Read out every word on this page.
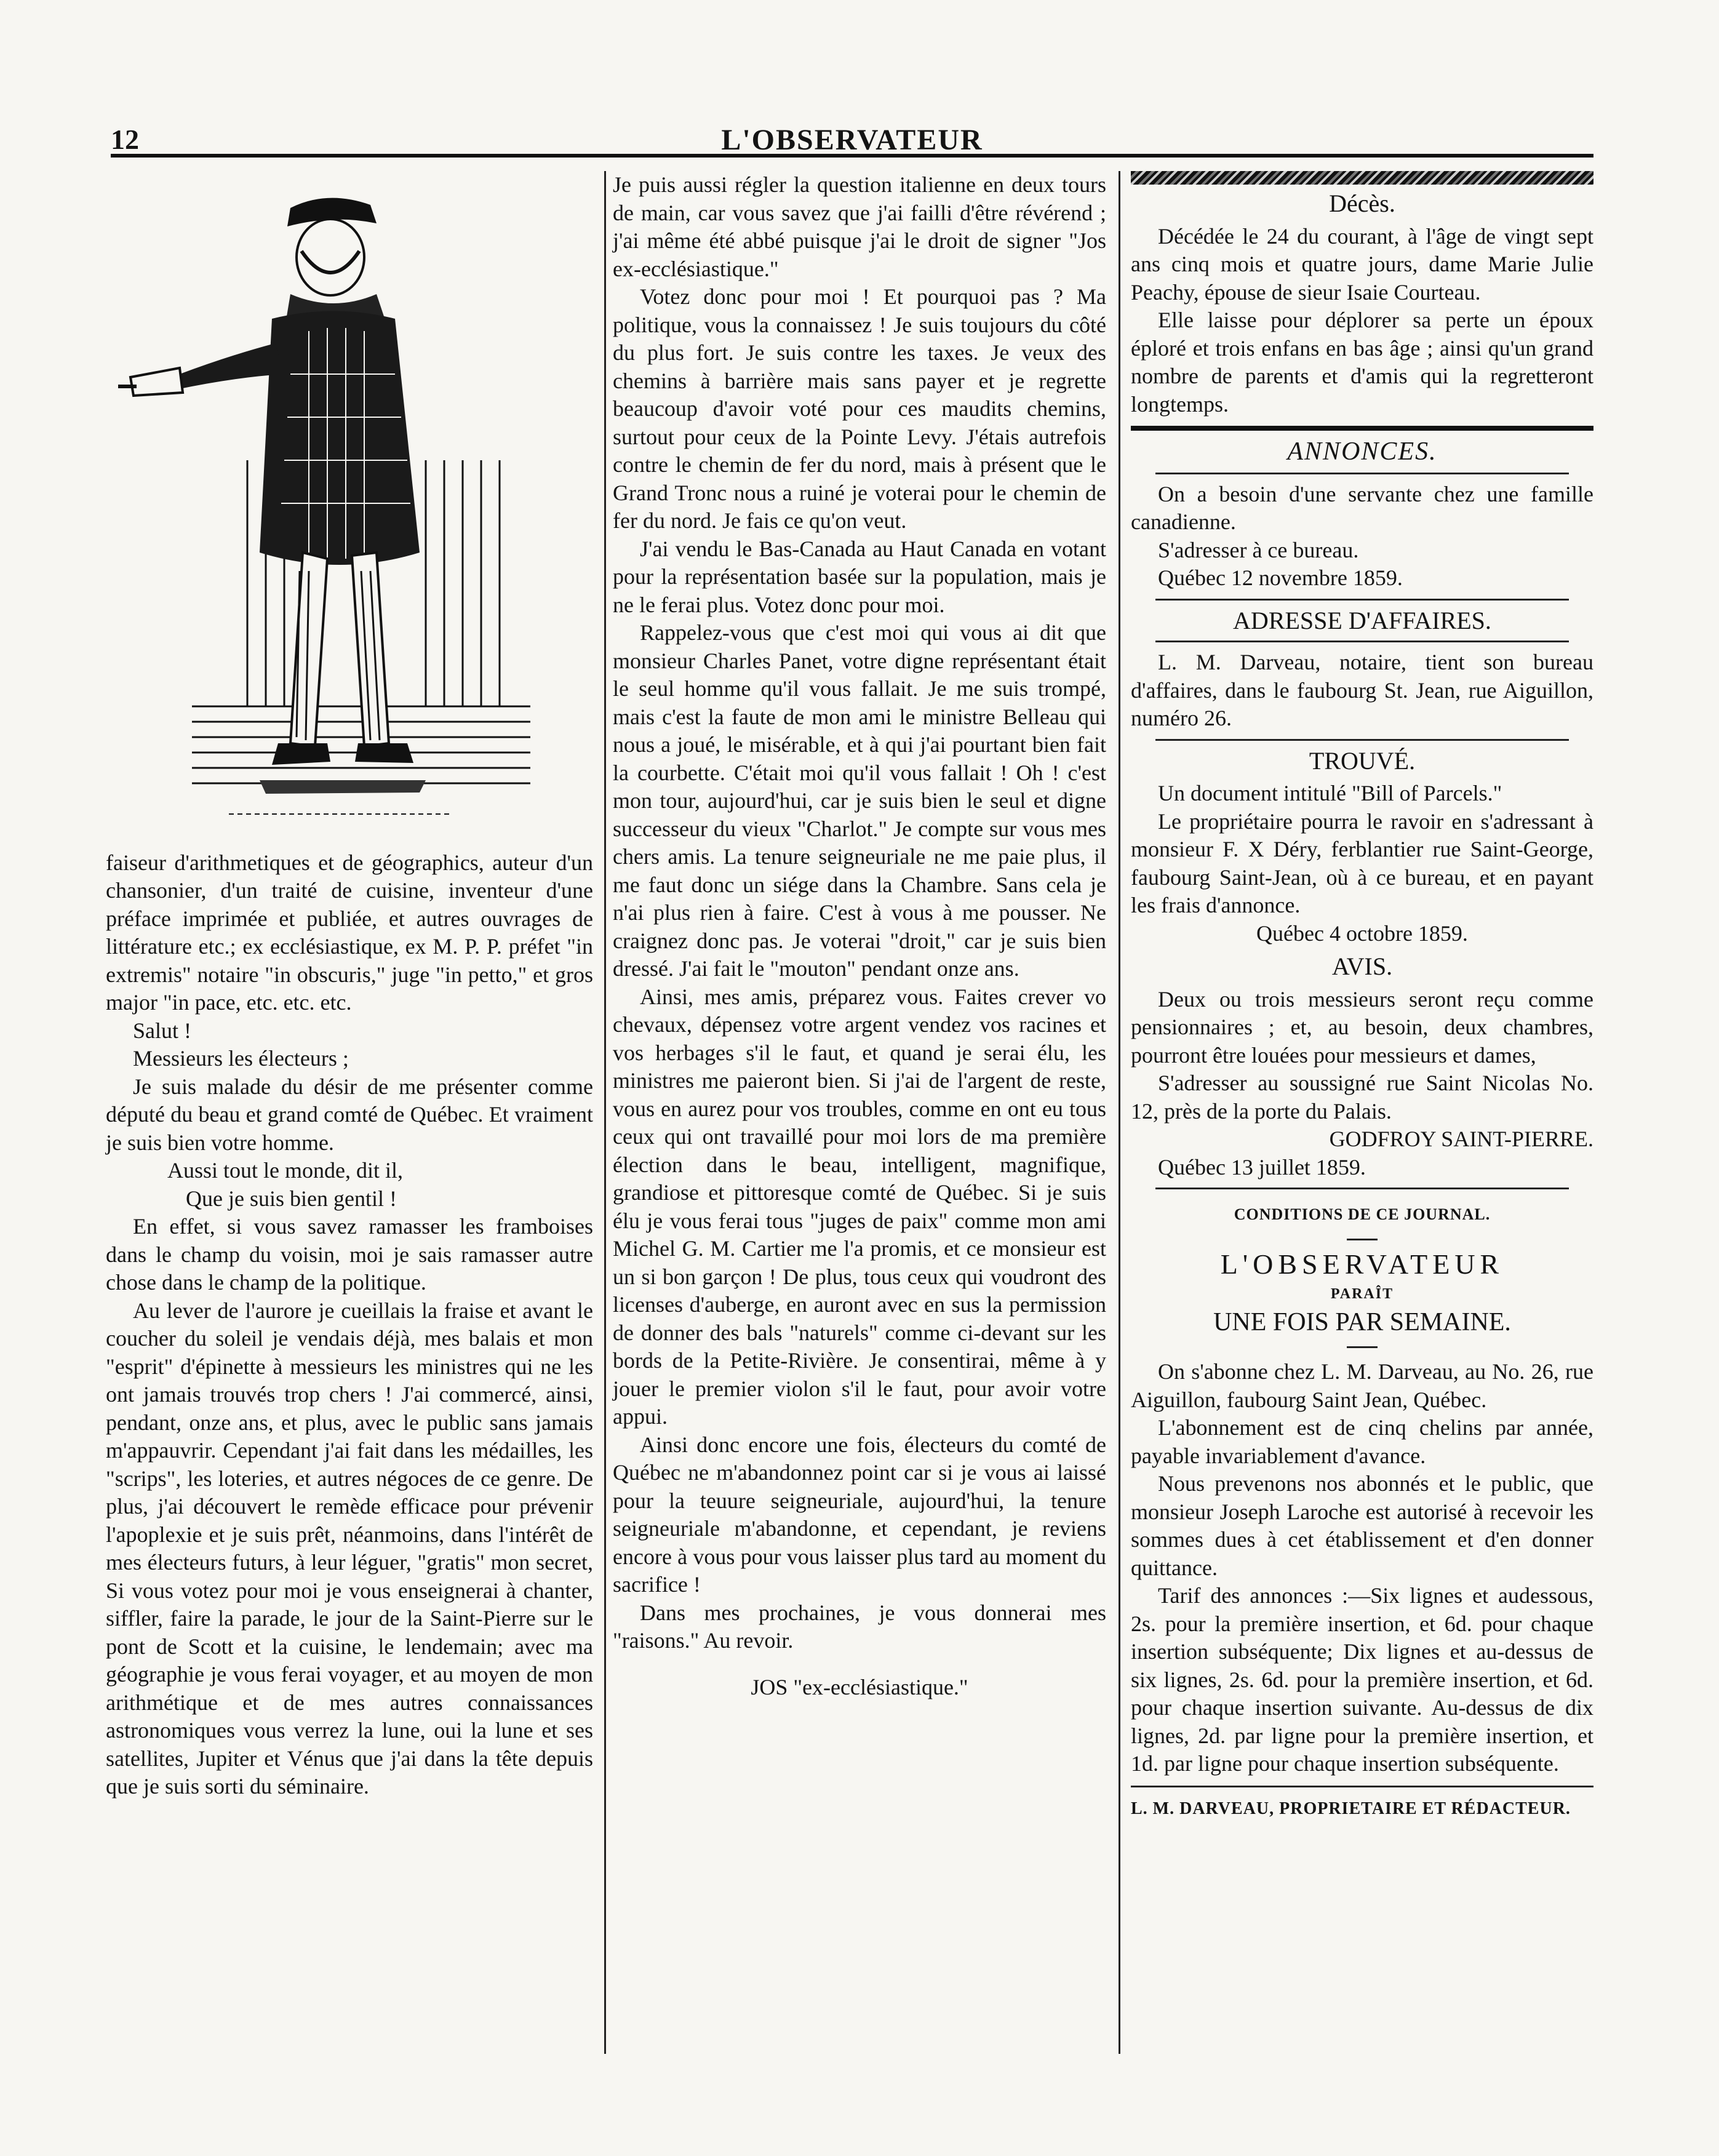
12	L'OBSERVATEUR

faiseur d'arithmetiques et de géographics, auteur d'un chansonier, d'un traité de cuisine, inventeur d'une préface imprimée et publiée, et autres ouvrages de littérature etc.; ex ecclésiastique, ex M. P. P. préfet "in extremis" notaire "in obscuris," juge "in petto," et gros major "in pace, etc. etc. etc.

Salut !

Messieurs les électeurs ;

Je suis malade du désir de me présenter comme député du beau et grand comté de Québec. Et vraiment je suis bien votre homme.

Aussi tout le monde, dit il,

Que je suis bien gentil !

En effet, si vous savez ramasser les framboises dans le champ du voisin, moi je sais ramasser autre chose dans le champ de la politique.

Au lever de l'aurore je cueillais la fraise et avant le coucher du soleil je vendais déjà, mes balais et mon "esprit" d'épinette à messieurs les ministres qui ne les ont jamais trouvés trop chers ! J'ai commercé, ainsi, pendant, onze ans, et plus, avec le public sans jamais m'appauvrir. Cependant j'ai fait dans les médailles, les "scrips", les loteries, et autres négoces de ce genre. De plus, j'ai découvert le remède efficace pour prévenir l'apoplexie et je suis prêt, néanmoins, dans l'intérêt de mes électeurs futurs, à leur léguer, "gratis" mon secret, Si vous votez pour moi je vous enseignerai à chanter, siffler, faire la parade, le jour de la Saint-Pierre sur le pont de Scott et la cuisine, le lendemain; avec ma géographie je vous ferai voyager, et au moyen de mon arithmétique et de mes autres connaissances astronomiques vous verrez la lune, oui la lune et ses satellites, Jupiter et Vénus que j'ai dans la tête depuis que je suis sorti du séminaire.

Je puis aussi régler la question italienne en deux tours de main, car vous savez que j'ai failli d'être révérend ; j'ai même été abbé puisque j'ai le droit de signer "Jos ex-ecclésiastique."

Votez donc pour moi ! Et pourquoi pas ? Ma politique, vous la connaissez ! Je suis toujours du côté du plus fort. Je suis contre les taxes. Je veux des chemins à barrière mais sans payer et je regrette beaucoup d'avoir voté pour ces maudits chemins, surtout pour ceux de la Pointe Levy. J'étais autrefois contre le chemin de fer du nord, mais à présent que le Grand Tronc nous a ruiné je voterai pour le chemin de fer du nord. Je fais ce qu'on veut.

J'ai vendu le Bas-Canada au Haut Canada en votant pour la représentation basée sur la population, mais je ne le ferai plus. Votez donc pour moi.

Rappelez-vous que c'est moi qui vous ai dit que monsieur Charles Panet, votre digne représentant était le seul homme qu'il vous fallait. Je me suis trompé, mais c'est la faute de mon ami le ministre Belleau qui nous a joué, le misérable, et à qui j'ai pourtant bien fait la courbette. C'était moi qu'il vous fallait ! Oh ! c'est mon tour, aujourd'hui, car je suis bien le seul et digne successeur du vieux "Charlot." Je compte sur vous mes chers amis. La tenure seigneuriale ne me paie plus, il me faut donc un siége dans la Chambre. Sans cela je n'ai plus rien à faire. C'est à vous à me pousser. Ne craignez donc pas. Je voterai "droit," car je suis bien dressé. J'ai fait le "mouton" pendant onze ans.

Ainsi, mes amis, préparez vous. Faites crever vo chevaux, dépensez votre argent vendez vos racines et vos herbages s'il le faut, et quand je serai élu, les ministres me paieront bien. Si j'ai de l'argent de reste, vous en aurez pour vos troubles, comme en ont eu tous ceux qui ont travaillé pour moi lors de ma première élection dans le beau, intelligent, magnifique, grandiose et pittoresque comté de Québec. Si je suis élu je vous ferai tous "juges de paix" comme mon ami Michel G. M. Cartier me l'a promis, et ce monsieur est un si bon garçon ! De plus, tous ceux qui voudront des licenses d'auberge, en auront avec en sus la permission de donner des bals "naturels" comme ci-devant sur les bords de la Petite-Rivière. Je consentirai, même à y jouer le premier violon s'il le faut, pour avoir votre appui.

Ainsi donc encore une fois, électeurs du comté de Québec ne m'abandonnez point car si je vous ai laissé pour la teuure seigneuriale, aujourd'hui, la tenure seigneuriale m'abandonne, et cependant, je reviens encore à vous pour vous laisser plus tard au moment du sacrifice !

Dans mes prochaines, je vous donnerai mes "raisons." Au revoir.

JOS "ex-ecclésiastique."

Décès.

Décédée le 24 du courant, à l'âge de vingt sept ans cinq mois et quatre jours, dame Marie Julie Peachy, épouse de sieur Isaie Courteau.

Elle laisse pour déplorer sa perte un époux éploré et trois enfans en bas âge ; ainsi qu'un grand nombre de parents et d'amis qui la regretteront longtemps.

ANNONCES.

On a besoin d'une servante chez une famille canadienne.

S'adresser à ce bureau.

Québec 12 novembre 1859.

ADRESSE D'AFFAIRES.

L. M. Darveau, notaire, tient son bureau d'affaires, dans le faubourg St. Jean, rue Aiguillon, numéro 26.

TROUVÉ.

Un document intitulé "Bill of Parcels."

Le propriétaire pourra le ravoir en s'adressant à monsieur F. X Déry, ferblantier rue Saint-George, faubourg Saint-Jean, où à ce bureau, et en payant les frais d'annonce.

Québec 4 octobre 1859.

AVIS.

Deux ou trois messieurs seront reçu comme pensionnaires ; et, au besoin, deux chambres, pourront être louées pour messieurs et dames,

S'adresser au soussigné rue Saint Nicolas No. 12, près de la porte du Palais.

GODFROY SAINT-PIERRE.

Québec 13 juillet 1859.

CONDITIONS DE CE JOURNAL.

L'OBSERVATEUR

PARAÎT

UNE FOIS PAR SEMAINE.

On s'abonne chez L. M. Darveau, au No. 26, rue Aiguillon, faubourg Saint Jean, Québec.

L'abonnement est de cinq chelins par année, payable invariablement d'avance.

Nous prevenons nos abonnés et le public, que monsieur Joseph Laroche est autorisé à recevoir les sommes dues à cet établissement et d'en donner quittance.

Tarif des annonces :—Six lignes et audessous, 2s. pour la première insertion, et 6d. pour chaque insertion subséquente; Dix lignes et au-dessus de six lignes, 2s. 6d. pour la première insertion, et 6d. pour chaque insertion suivante. Au-dessus de dix lignes, 2d. par ligne pour la première insertion, et 1d. par ligne pour chaque insertion subséquente.

L. M. DARVEAU, PROPRIETAIRE ET RÉDACTEUR.
